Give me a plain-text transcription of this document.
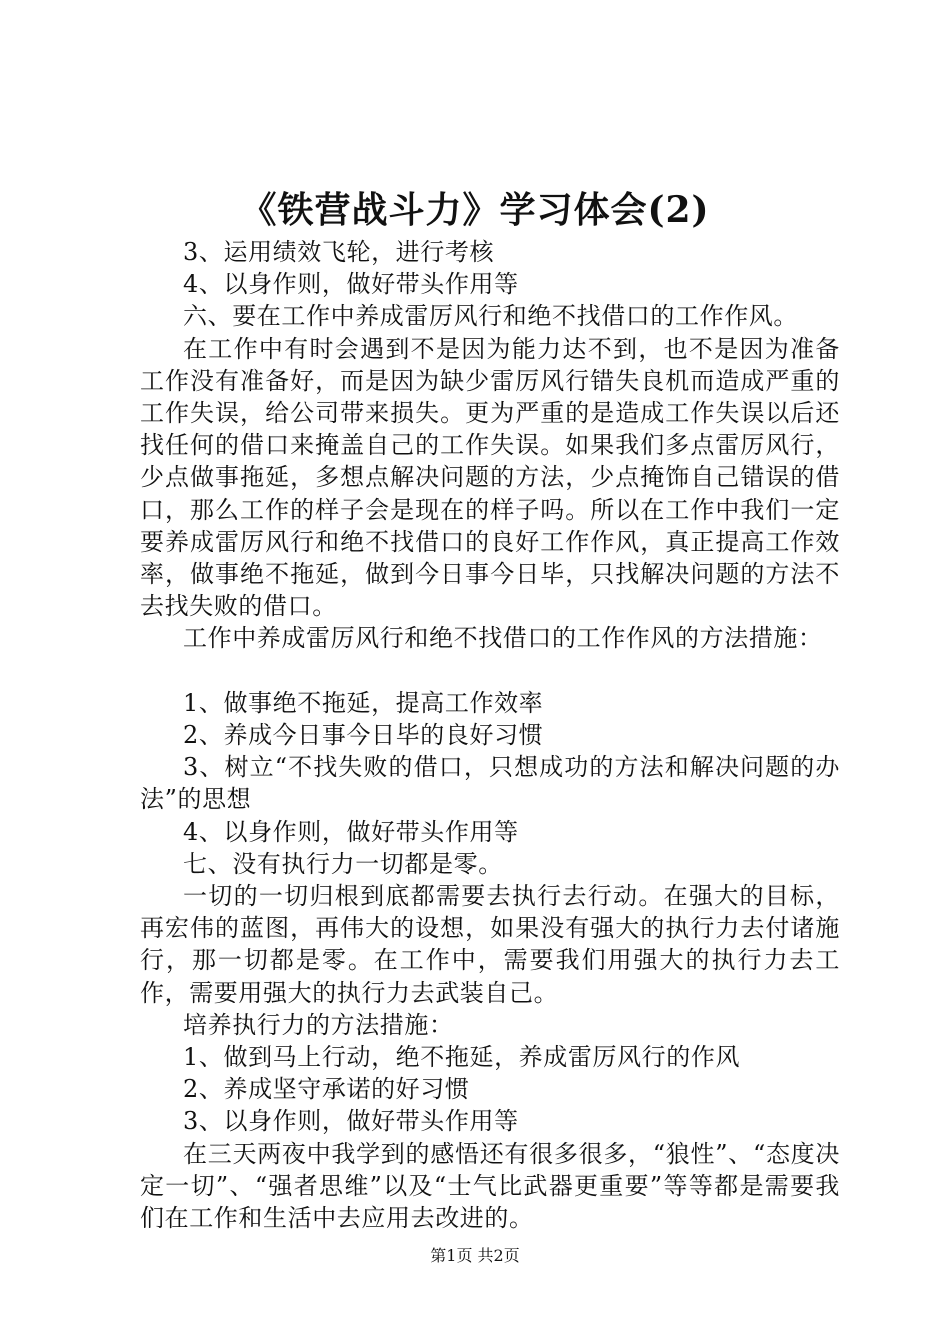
《铁营战斗力》学习体会(2)

3、运用绩效飞轮，进行考核

4、以身作则，做好带头作用等

六、要在工作中养成雷厉风行和绝不找借口的工作作风。

在工作中有时会遇到不是因为能力达不到，也不是因为准备工作没有准备好，而是因为缺少雷厉风行错失良机而造成严重的工作失误，给公司带来损失。更为严重的是造成工作失误以后还找任何的借口来掩盖自己的工作失误。如果我们多点雷厉风行，少点做事拖延，多想点解决问题的方法，少点掩饰自己错误的借口，那么工作的样子会是现在的样子吗。所以在工作中我们一定要养成雷厉风行和绝不找借口的良好工作作风，真正提高工作效率，做事绝不拖延，做到今日事今日毕，只找解决问题的方法不去找失败的借口。

工作中养成雷厉风行和绝不找借口的工作作风的方法措施：

1、做事绝不拖延，提高工作效率

2、养成今日事今日毕的良好习惯

3、树立“不找失败的借口，只想成功的方法和解决问题的办法”的思想

4、以身作则，做好带头作用等

七、没有执行力一切都是零。

一切的一切归根到底都需要去执行去行动。在强大的目标，再宏伟的蓝图，再伟大的设想，如果没有强大的执行力去付诸施行，那一切都是零。在工作中，需要我们用强大的执行力去工作，需要用强大的执行力去武装自己。

培养执行力的方法措施：

1、做到马上行动，绝不拖延，养成雷厉风行的作风

2、养成坚守承诺的好习惯

3、以身作则，做好带头作用等

在三天两夜中我学到的感悟还有很多很多，“狼性”、“态度决定一切”、“强者思维”以及“士气比武器更重要”等等都是需要我们在工作和生活中去应用去改进的。

第1页 共2页
